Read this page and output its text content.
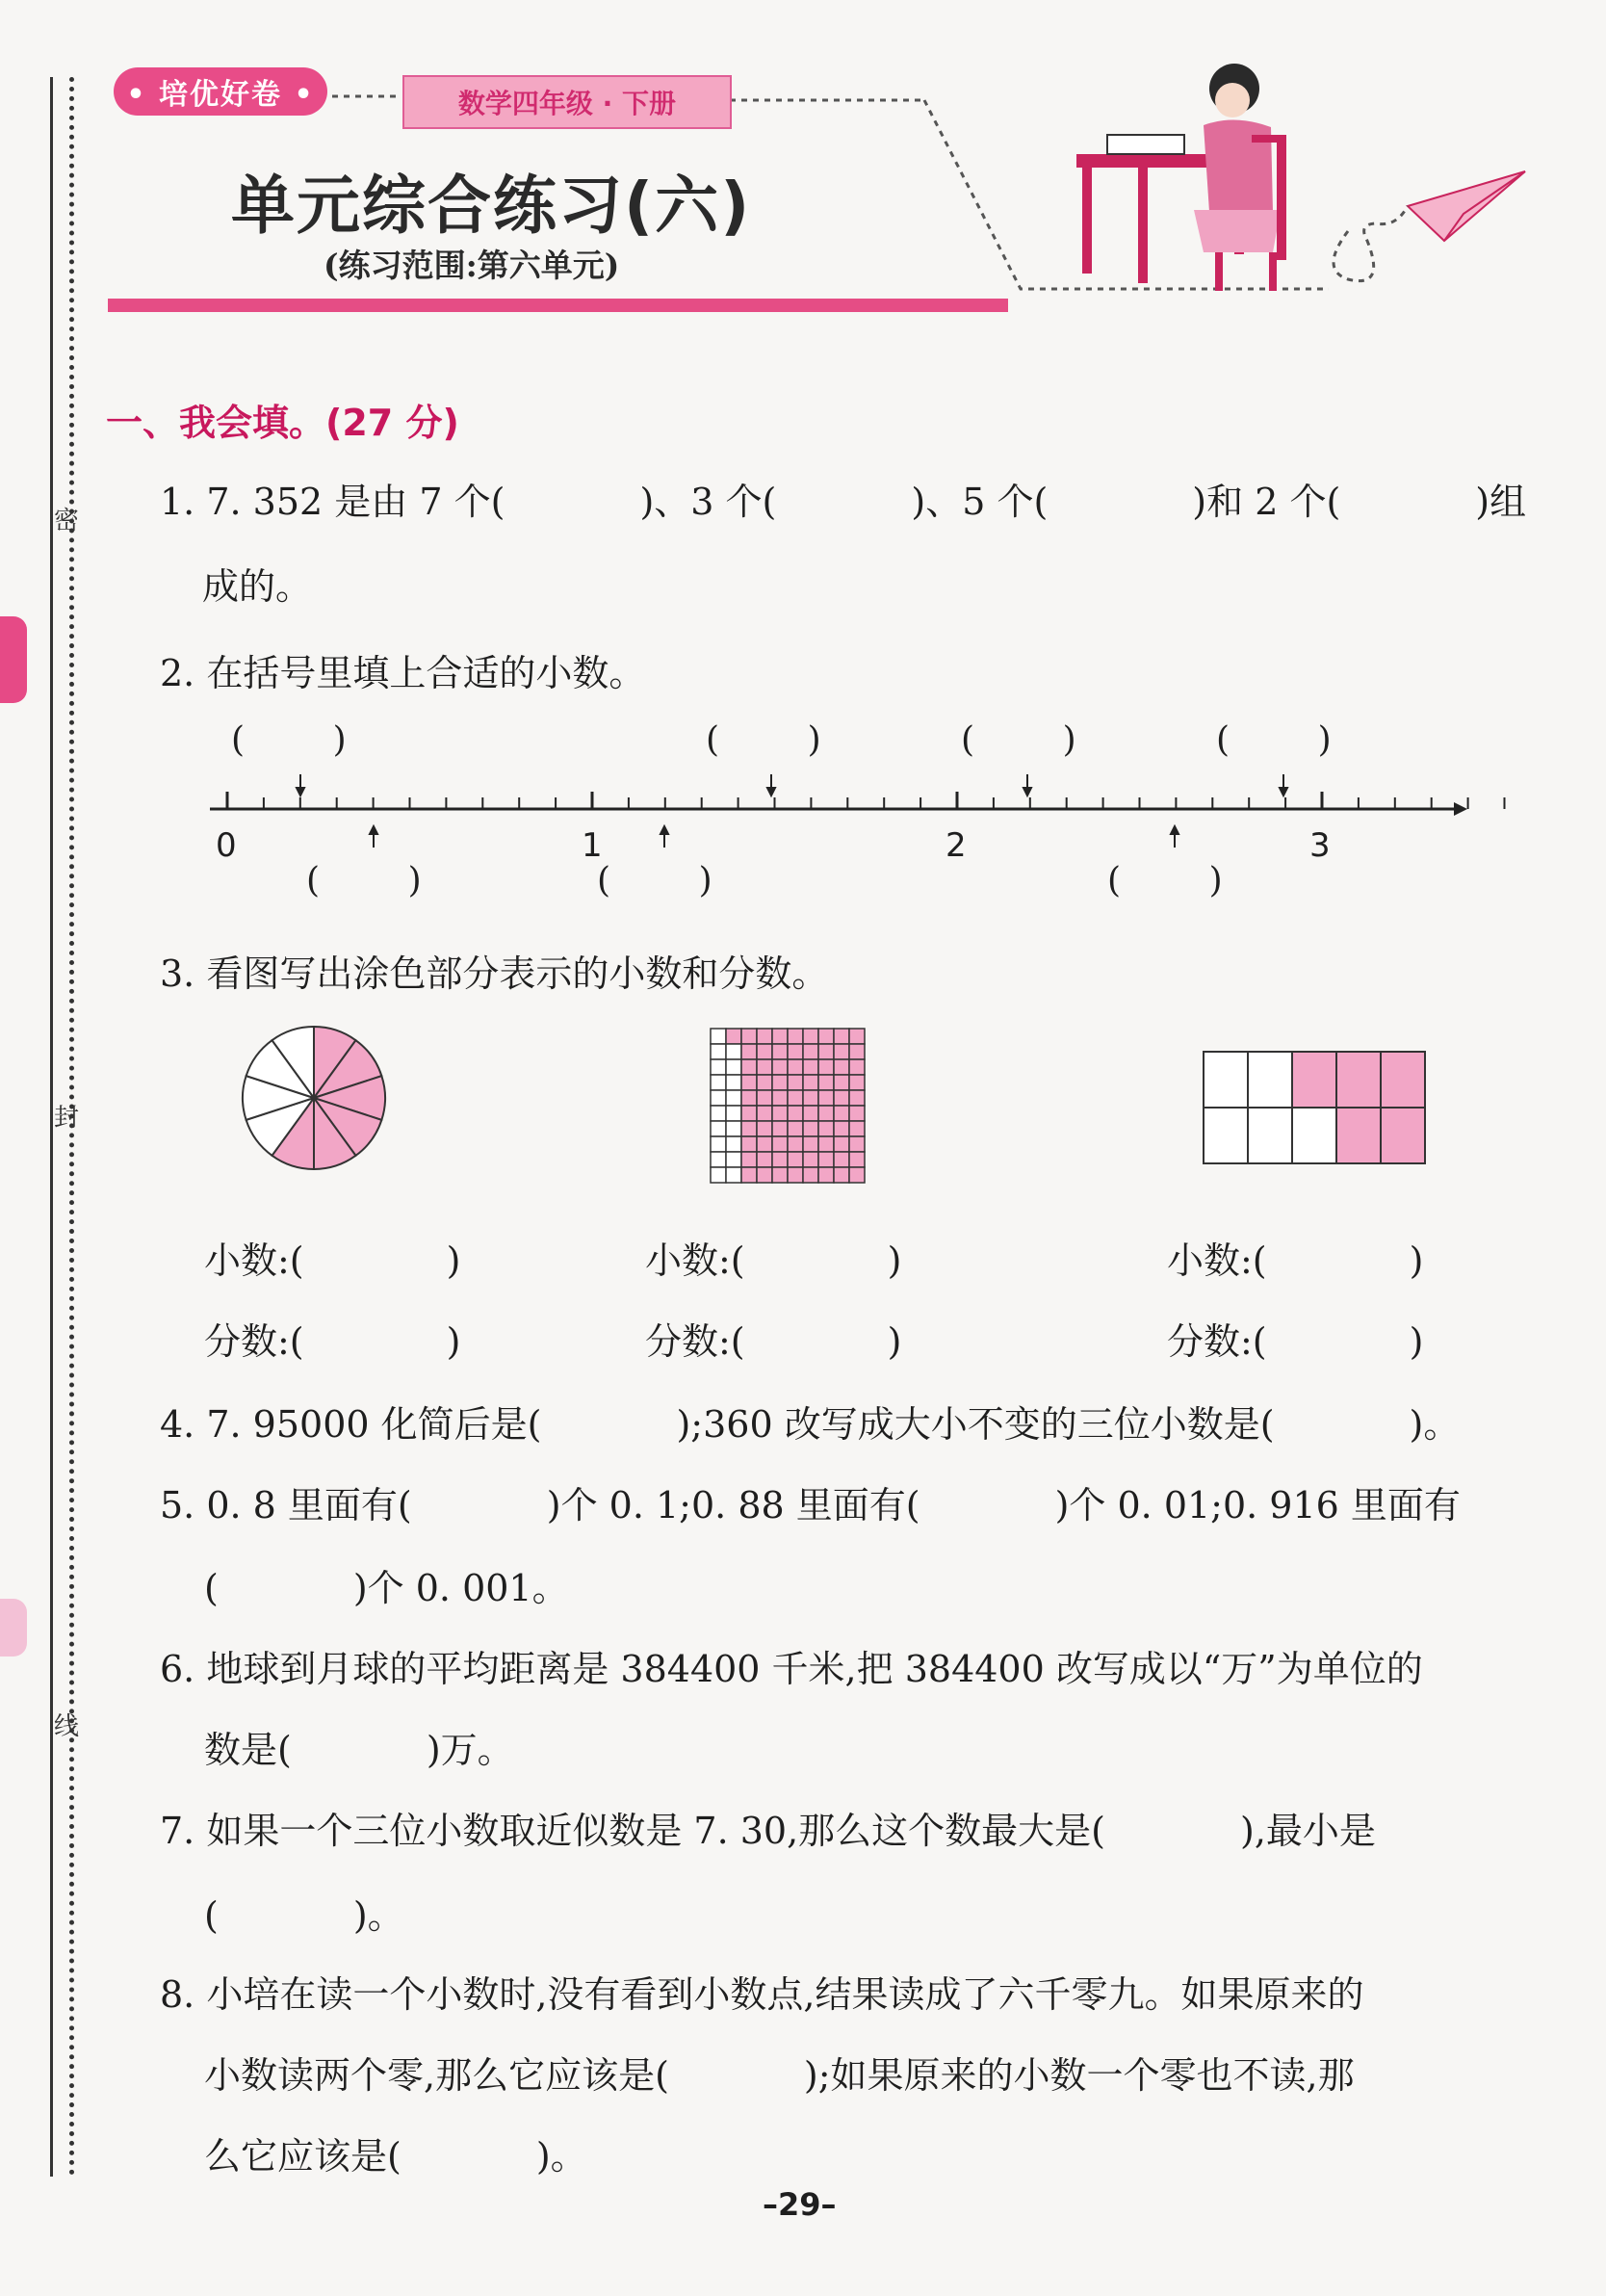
密
封
线
• 培优好卷 •	数学四年级 · 下册
单元综合练习(六)
(练习范围:第六单元)
一、我会填。(27 分)
1. 7. 352 是由 7 个(	)、3 个(	)、5 个(	)和 2 个(	)组
成的。
2. 在括号里填上合适的小数。
0	1	2	3
(        )	(        )	(        )	(        )
(        )	(        )	(        )
3. 看图写出涂色部分表示的小数和分数。
小数:(	)
分数:(	)
小数:(	)
分数:(	)
小数:(	)
分数:(	)
4. 7. 95000 化简后是(	);360 改写成大小不变的三位小数是(	)。
5. 0. 8 里面有(	)个 0. 1;0. 88 里面有(	)个 0. 01;0. 916 里面有
(	)个 0. 001。
6. 地球到月球的平均距离是 384400 千米,把 384400 改写成以“万”为单位的
数是(	)万。
7. 如果一个三位小数取近似数是 7. 30,那么这个数最大是(	),最小是
(	)。
8. 小培在读一个小数时,没有看到小数点,结果读成了六千零九。如果原来的
小数读两个零,那么它应该是(	);如果原来的小数一个零也不读,那
么它应该是(	)。
–29–
